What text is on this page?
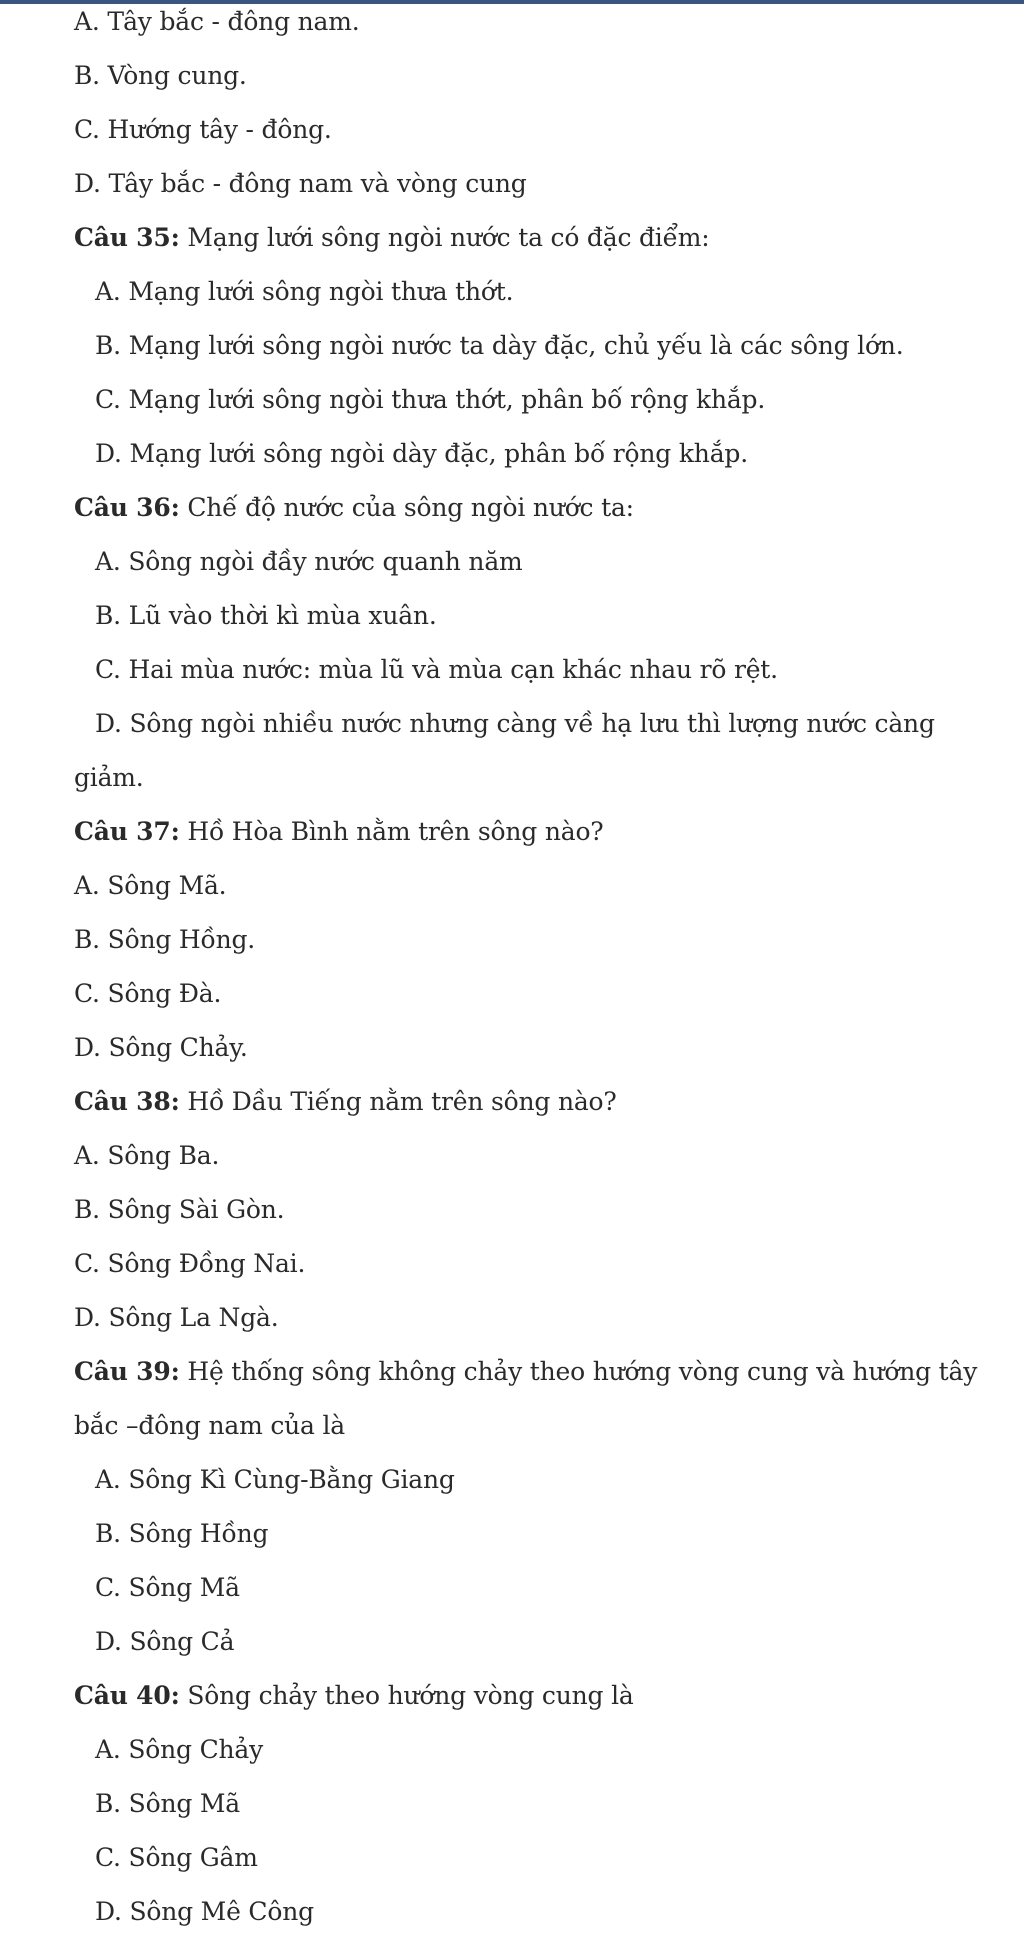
A. Tây bắc - đông nam.
B. Vòng cung.
C. Hướng tây - đông.
D. Tây bắc - đông nam và vòng cung
Câu 35: Mạng lưới sông ngòi nước ta có đặc điểm:
A. Mạng lưới sông ngòi thưa thớt.
B. Mạng lưới sông ngòi nước ta dày đặc, chủ yếu là các sông lớn.
C. Mạng lưới sông ngòi thưa thớt, phân bố rộng khắp.
D. Mạng lưới sông ngòi dày đặc, phân bố rộng khắp.
Câu 36: Chế độ nước của sông ngòi nước ta:
A. Sông ngòi đầy nước quanh năm
B. Lũ vào thời kì mùa xuân.
C. Hai mùa nước: mùa lũ và mùa cạn khác nhau rõ rệt.
D. Sông ngòi nhiều nước nhưng càng về hạ lưu thì lượng nước càng
giảm.
Câu 37: Hồ Hòa Bình nằm trên sông nào?
A. Sông Mã.
B. Sông Hồng.
C. Sông Đà.
D. Sông Chảy.
Câu 38: Hồ Dầu Tiếng nằm trên sông nào?
A. Sông Ba.
B. Sông Sài Gòn.
C. Sông Đồng Nai.
D. Sông La Ngà.
Câu 39: Hệ thống sông không chảy theo hướng vòng cung và hướng tây
bắc –đông nam của là
A. Sông Kì Cùng-Bằng Giang
B. Sông Hồng
C. Sông Mã
D. Sông Cả
Câu 40: Sông chảy theo hướng vòng cung là
A. Sông Chảy
B. Sông Mã
C. Sông Gâm
D. Sông Mê Công
